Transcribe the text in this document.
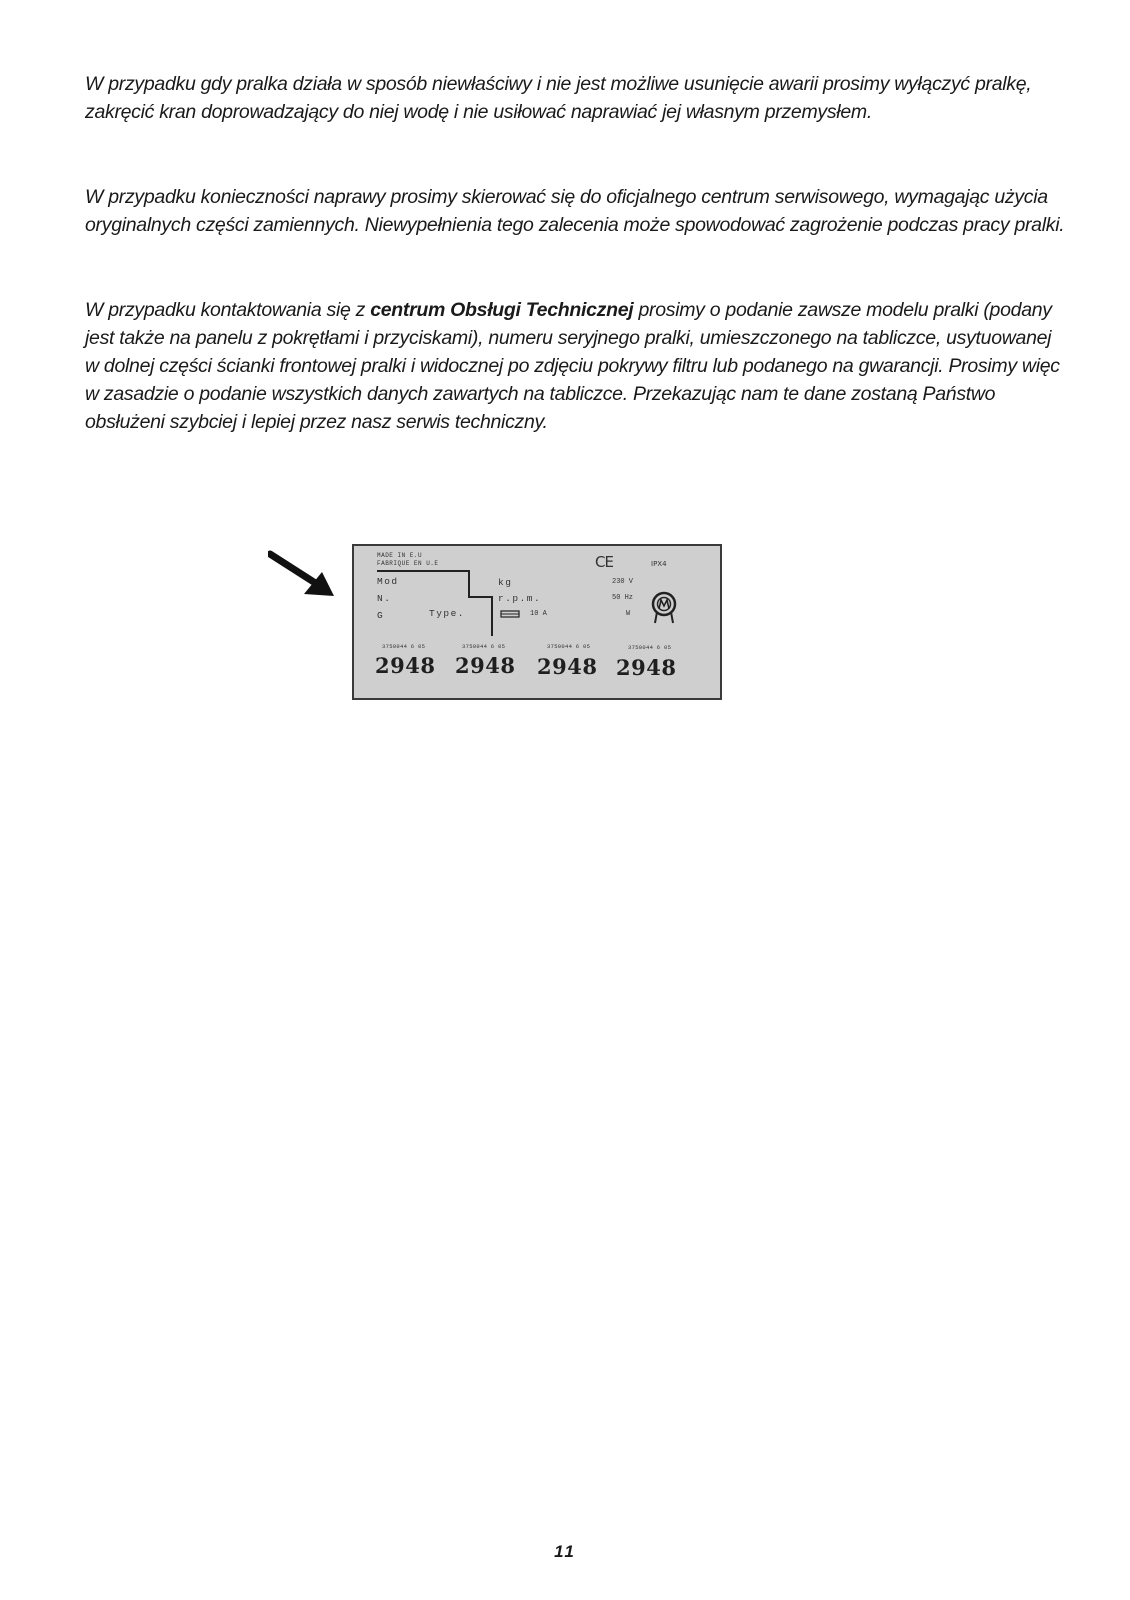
W przypadku gdy pralka działa w sposób niewłaściwy i nie jest możliwe usunięcie awarii prosimy wyłączyć pralkę, zakręcić kran doprowadzający do niej wodę i nie usiłować naprawiać jej własnym przemysłem.

W przypadku konieczności naprawy prosimy skierować się do oficjalnego centrum serwisowego, wymagając użycia oryginalnych części zamiennych. Niewypełnienia tego zalecenia może spowodować zagrożenie podczas pracy pralki.

W przypadku kontaktowania się z centrum Obsługi Technicznej prosimy o podanie zawsze modelu pralki (podany jest także na panelu z pokrętłami i przyciskami), numeru seryjnego pralki, umieszczonego na tabliczce, usytuowanej w dolnej części ścianki frontowej pralki i widocznej po zdjęciu pokrywy filtru lub podanego na gwarancji. Prosimy więc w zasadzie o podanie wszystkich danych zawartych na tabliczce. Przekazując nam te dane zostaną Państwo obsłużeni szybciej i lepiej przez nasz serwis techniczny.

MADE IN E.U
FABRIQUE EN U.E	CE	IPX4
Mod
N.
G	Type.
kg
r.p.m.
10 A
230 V
50 Hz
W
3750044 6 05	3750044 6 05	3750044 6 05	3750044 6 05
2948 2948 2948 2948
11
